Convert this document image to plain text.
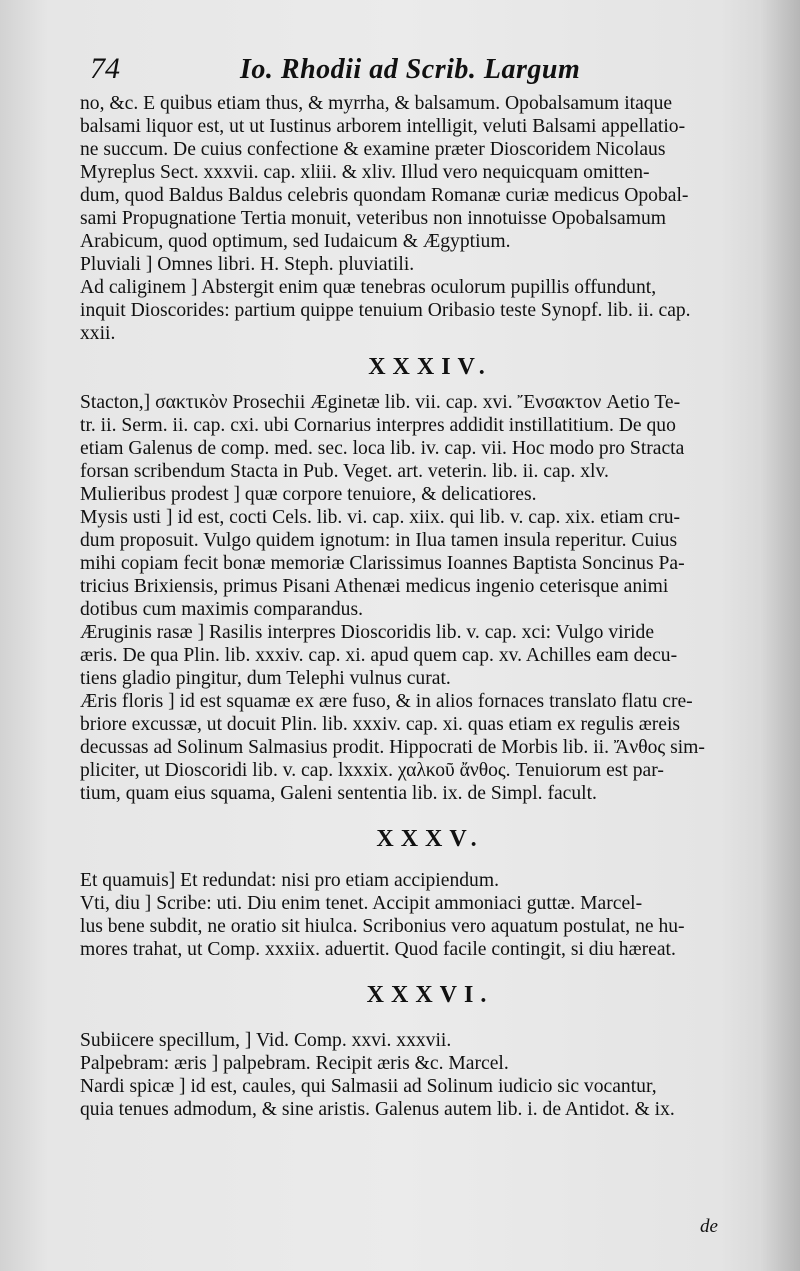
74	Io. Rhodii ad Scrib. Largum
no, &c. E quibus etiam thus, & myrrha, & balsamum. Opobalsamum itaque
balsami liquor est, ut ut Iustinus arborem intelligit, veluti Balsami appellatio-
ne succum. De cuius confectione & examine præter Dioscoridem Nicolaus
Myreplus Sect. xxxvii. cap. xliii. & xliv. Illud vero nequicquam omitten-
dum, quod Baldus Baldus celebris quondam Romanæ curiæ medicus Opobal-
sami Propugnatione Tertia monuit, veteribus non innotuisse Opobalsamum
Arabicum, quod optimum, sed Iudaicum & Ægyptium.
Pluviali ] Omnes libri. H. Steph. pluviatili.
Ad caliginem ] Abstergit enim quæ tenebras oculorum pupillis offundunt,
inquit Dioscorides: partium quippe tenuium Oribasio teste Synopf. lib. ii. cap.
xxii.
XXXIV.
Stacton,] σακτικὸν Prosechii Æginetæ lib. vii. cap. xvi. Ἔνσακτον Aetio Te-
tr. ii. Serm. ii. cap. cxi. ubi Cornarius interpres addidit instillatitium. De quo
etiam Galenus de comp. med. sec. loca lib. iv. cap. vii. Hoc modo pro Stracta
forsan scribendum Stacta in Pub. Veget. art. veterin. lib. ii. cap. xlv.
Mulieribus prodest ] quæ corpore tenuiore, & delicatiores.
Mysis usti ] id est, cocti Cels. lib. vi. cap. xiix. qui lib. v. cap. xix. etiam cru-
dum proposuit. Vulgo quidem ignotum: in Ilua tamen insula reperitur. Cuius
mihi copiam fecit bonæ memoriæ Clarissimus Ioannes Baptista Soncinus Pa-
tricius Brixiensis, primus Pisani Athenæi medicus ingenio ceterisque animi
dotibus cum maximis comparandus.
Æruginis rasæ ] Rasilis interpres Dioscoridis lib. v. cap. xci: Vulgo viride
æris. De qua Plin. lib. xxxiv. cap. xi. apud quem cap. xv. Achilles eam decu-
tiens gladio pingitur, dum Telephi vulnus curat.
Æris floris ] id est squamæ ex ære fuso, & in alios fornaces translato flatu cre-
briore excussæ, ut docuit Plin. lib. xxxiv. cap. xi. quas etiam ex regulis æreis
decussas ad Solinum Salmasius prodit. Hippocrati de Morbis lib. ii. Ἄνθος sim-
pliciter, ut Dioscoridi lib. v. cap. lxxxix. χαλκοῦ ἄνθος. Tenuiorum est par-
tium, quam eius squama, Galeni sententia lib. ix. de Simpl. facult.
XXXV.
Et quamuis] Et redundat: nisi pro etiam accipiendum.
Vti, diu ] Scribe: uti. Diu enim tenet. Accipit ammoniaci guttæ. Marcel-
lus bene subdit, ne oratio sit hiulca. Scribonius vero aquatum postulat, ne hu-
mores trahat, ut Comp. xxxiix. aduertit. Quod facile contingit, si diu hæreat.
XXXVI.
Subiicere specillum, ] Vid. Comp. xxvi. xxxvii.
Palpebram: æris ] palpebram. Recipit æris &c. Marcel.
Nardi spicæ ] id est, caules, qui Salmasii ad Solinum iudicio sic vocantur,
quia tenues admodum, & sine aristis. Galenus autem lib. i. de Antidot. & ix.
de
